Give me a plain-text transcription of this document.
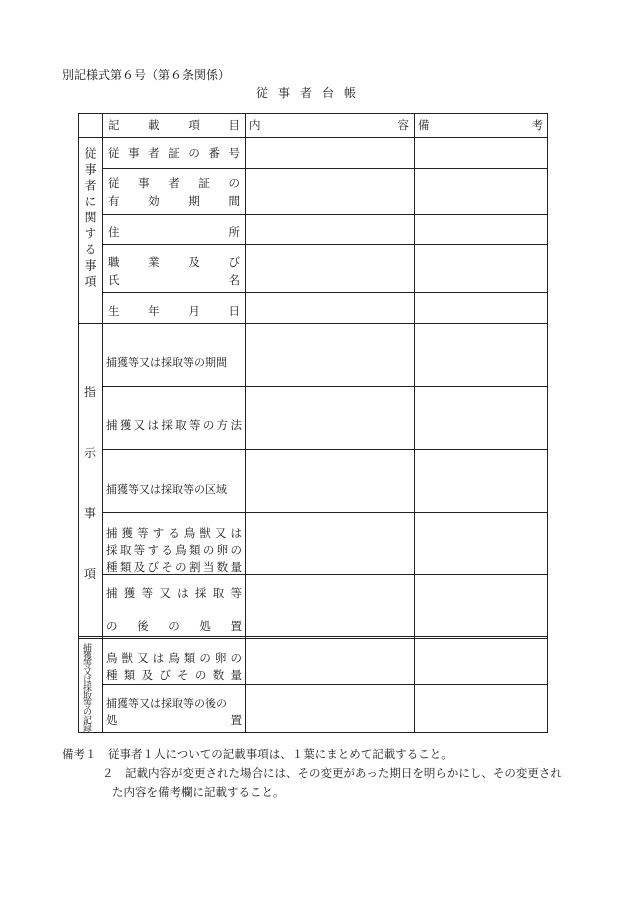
別記様式第６号（第６条関係）
従事者台帳
記載項目 内容 備考
従事者に関する事項 従事者証の番号
従事者証の
有効期間
住所
職業及び
氏名
生年月日
指
示
事
項
捕獲等又は採取等の期間
捕獲又は採取等の方法
捕獲等又は採取等の区域
捕獲等する鳥獣又は
採取等する鳥類の卵の
種類及びその割当数量
捕獲等又は採取等
の後の処置
捕獲等又は採取等の記録 鳥獣又は鳥類の卵の
種類及びその数量
捕獲等又は採取等の後の
処置
備考１　従事者１人についての記載事項は、１葉にまとめて記載すること。
２　記載内容が変更された場合には、その変更があった期日を明らかにし、その変更され
た内容を備考欄に記載すること。
